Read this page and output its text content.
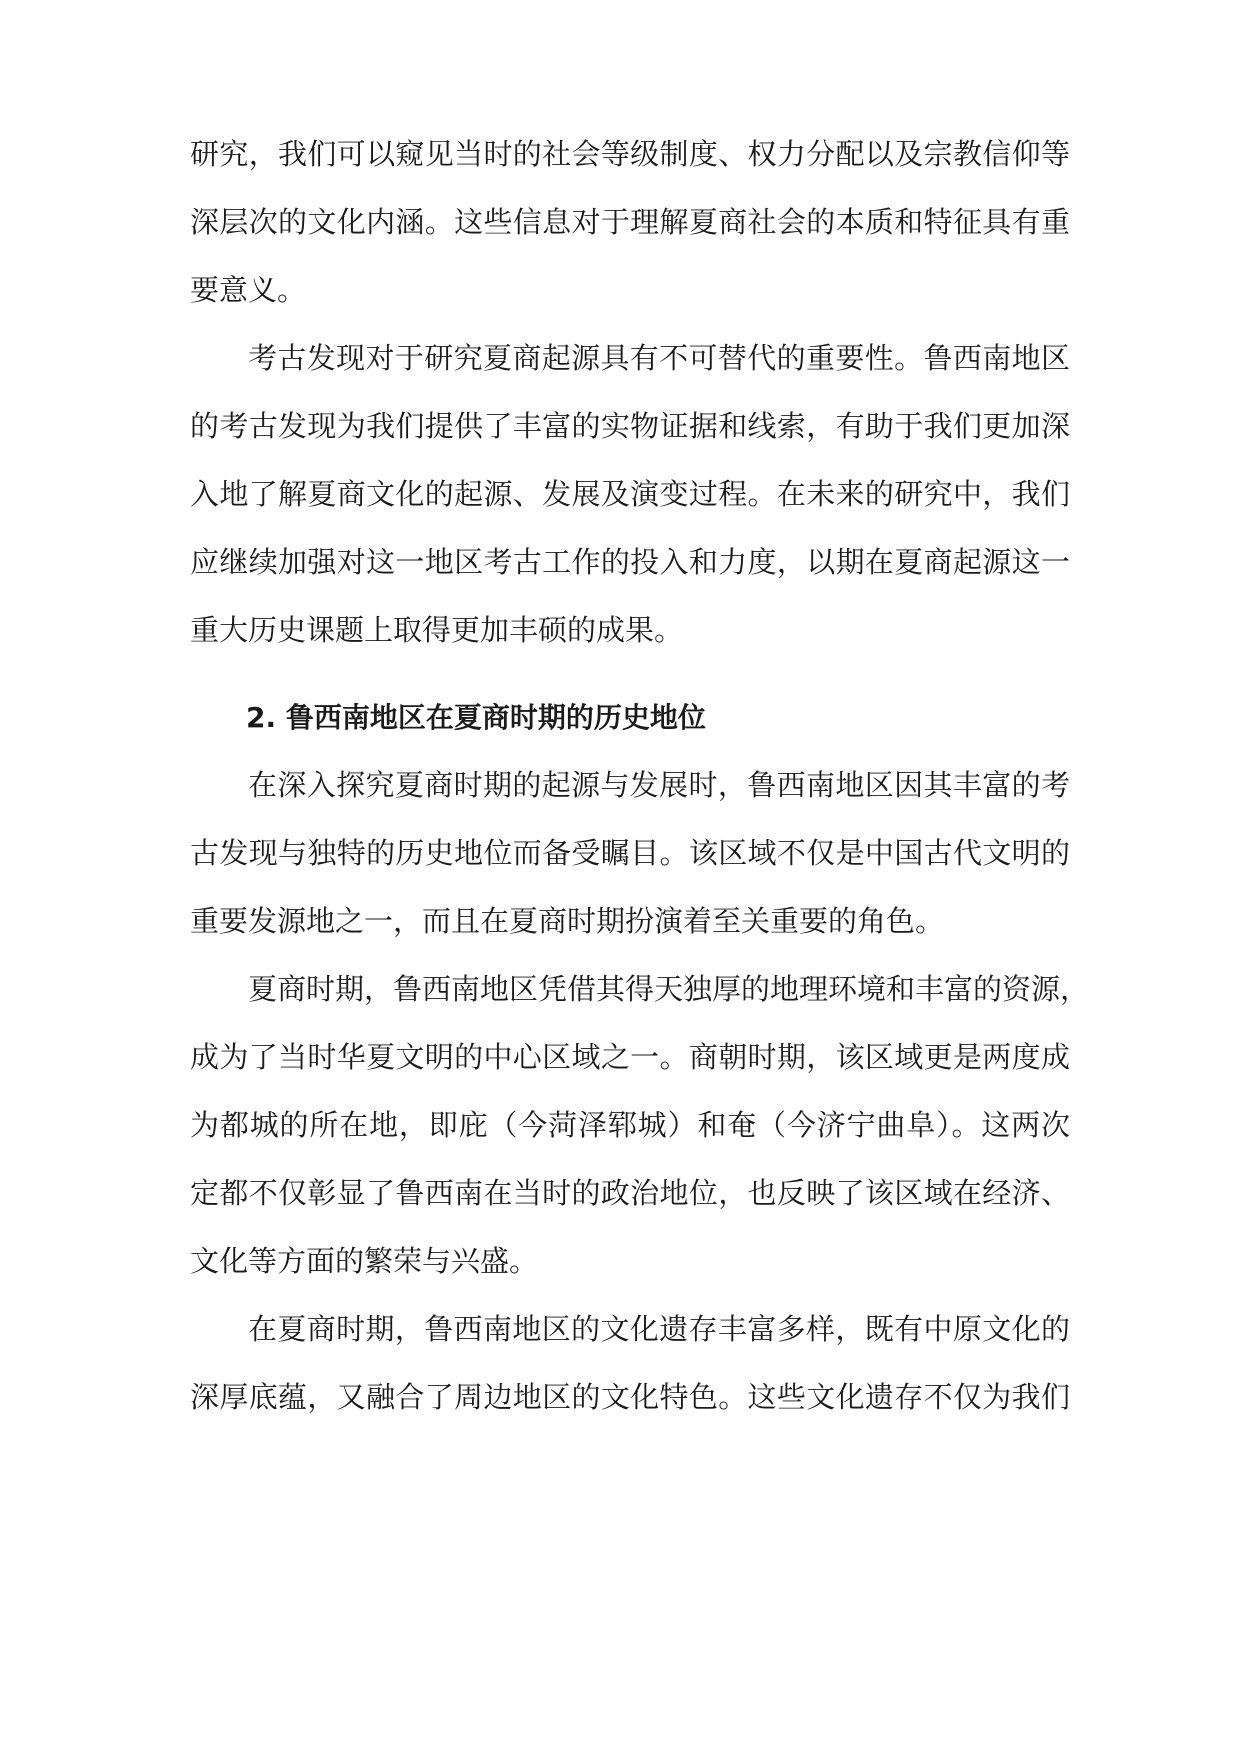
研究，我们可以窥见当时的社会等级制度、权力分配以及宗教信仰等
深层次的文化内涵。这些信息对于理解夏商社会的本质和特征具有重
要意义。
考古发现对于研究夏商起源具有不可替代的重要性。鲁西南地区
的考古发现为我们提供了丰富的实物证据和线索，有助于我们更加深
入地了解夏商文化的起源、发展及演变过程。在未来的研究中，我们
应继续加强对这一地区考古工作的投入和力度，以期在夏商起源这一
重大历史课题上取得更加丰硕的成果。
2. 鲁西南地区在夏商时期的历史地位
在深入探究夏商时期的起源与发展时，鲁西南地区因其丰富的考
古发现与独特的历史地位而备受瞩目。该区域不仅是中国古代文明的
重要发源地之一，而且在夏商时期扮演着至关重要的角色。
夏商时期，鲁西南地区凭借其得天独厚的地理环境和丰富的资源，
成为了当时华夏文明的中心区域之一。商朝时期，该区域更是两度成
为都城的所在地，即庇（今菏泽郓城）和奄（今济宁曲阜）。这两次
定都不仅彰显了鲁西南在当时的政治地位，也反映了该区域在经济、
文化等方面的繁荣与兴盛。
在夏商时期，鲁西南地区的文化遗存丰富多样，既有中原文化的
深厚底蕴，又融合了周边地区的文化特色。这些文化遗存不仅为我们
